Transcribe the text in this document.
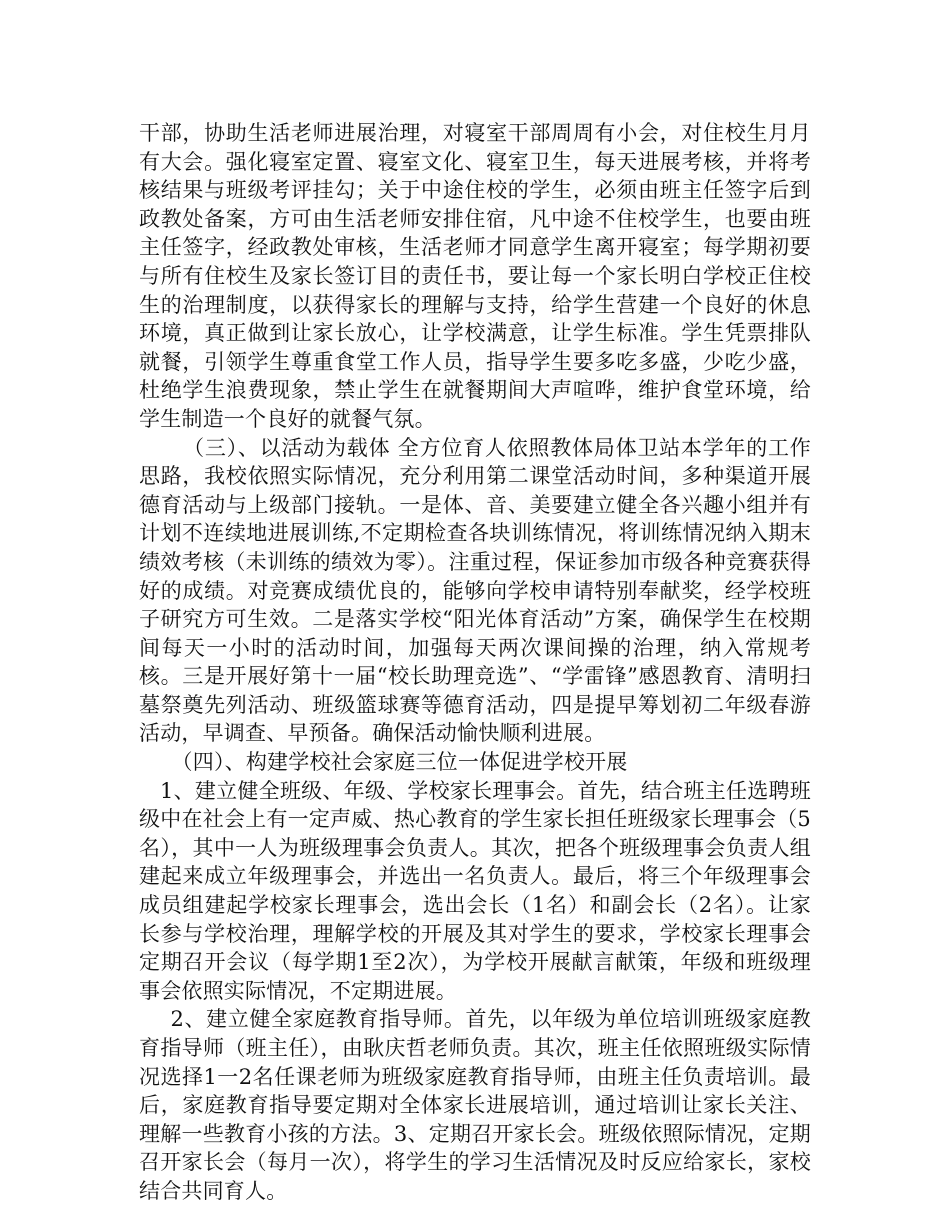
干部，协助生活老师进展治理，对寝室干部周周有小会，对住校生月月有大会。强化寝室定置、寝室文化、寝室卫生，每天进展考核，并将考核结果与班级考评挂勾；关于中途住校的学生，必须由班主任签字后到政教处备案，方可由生活老师安排住宿，凡中途不住校学生，也要由班主任签字，经政教处审核，生活老师才同意学生离开寝室；每学期初要与所有住校生及家长签订目的责任书，要让每一个家长明白学校正住校生的治理制度，以获得家长的理解与支持，给学生营建一个良好的休息环境，真正做到让家长放心，让学校满意，让学生标准。学生凭票排队就餐，引领学生尊重食堂工作人员，指导学生要多吃多盛，少吃少盛，杜绝学生浪费现象，禁止学生在就餐期间大声喧哗，维护食堂环境，给学生制造一个良好的就餐气氛。

（三）、以活动为载体 全方位育人依照教体局体卫站本学年的工作思路，我校依照实际情况，充分利用第二课堂活动时间，多种渠道开展德育活动与上级部门接轨。一是体、音、美要建立健全各兴趣小组并有计划不连续地进展训练,不定期检查各块训练情况，将训练情况纳入期末绩效考核（未训练的绩效为零）。注重过程，保证参加市级各种竞赛获得好的成绩。对竞赛成绩优良的，能够向学校申请特别奉献奖，经学校班子研究方可生效。二是落实学校“阳光体育活动”方案，确保学生在校期间每天一小时的活动时间，加强每天两次课间操的治理，纳入常规考核。三是开展好第十一届“校长助理竞选”、“学雷锋”感恩教育、清明扫墓祭奠先列活动、班级篮球赛等德育活动，四是提早筹划初二年级春游活动，早调查、早预备。确保活动愉快顺利进展。

（四）、构建学校社会家庭三位一体促进学校开展

1、建立健全班级、年级、学校家长理事会。首先，结合班主任选聘班级中在社会上有一定声威、热心教育的学生家长担任班级家长理事会（5名），其中一人为班级理事会负责人。其次，把各个班级理事会负责人组建起来成立年级理事会，并选出一名负责人。最后，将三个年级理事会成员组建起学校家长理事会，选出会长（1名）和副会长（2名）。让家长参与学校治理，理解学校的开展及其对学生的要求，学校家长理事会定期召开会议（每学期1至2次），为学校开展献言献策，年级和班级理事会依照实际情况，不定期进展。

2、建立健全家庭教育指导师。首先，以年级为单位培训班级家庭教育指导师（班主任），由耿庆哲老师负责。其次，班主任依照班级实际情况选择1一2名任课老师为班级家庭教育指导师，由班主任负责培训。最后，家庭教育指导要定期对全体家长进展培训，通过培训让家长关注、理解一些教育小孩的方法。3、定期召开家长会。班级依照际情况，定期召开家长会（每月一次），将学生的学习生活情况及时反应给家长，家校结合共同育人。
